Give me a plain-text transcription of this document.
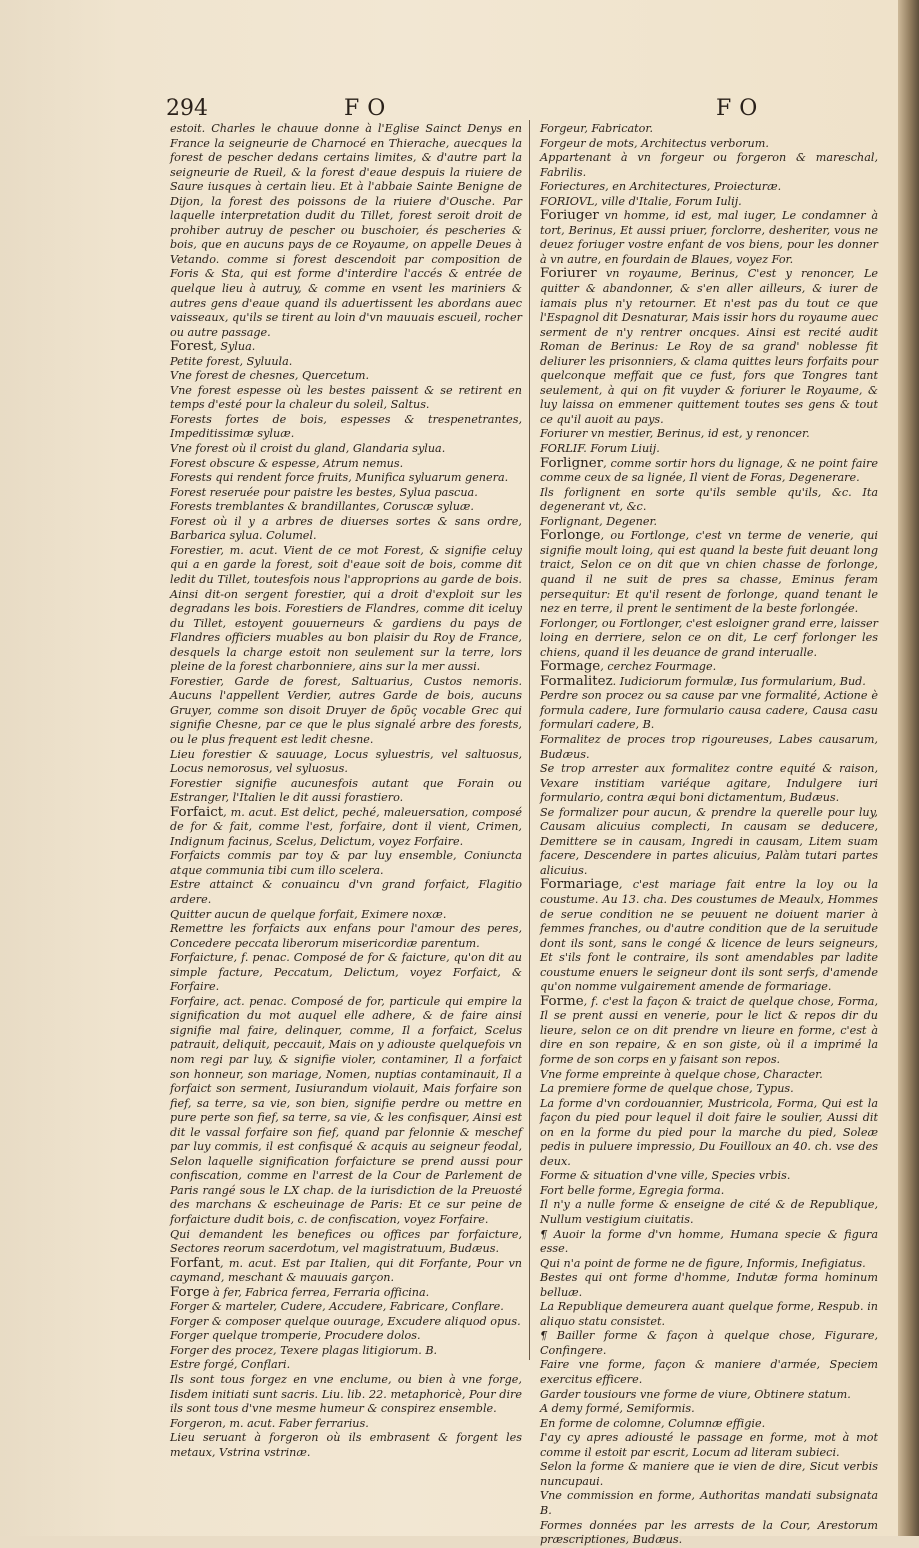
294	FO	FO

estoit. Charles le chauue donne à l'Eglise Sainct Denys en France la seigneurie de Charnocé en Thierache, auecques la forest de pescher dedans certains limites, & d'autre part la seigneurie de Rueil, & la forest d'eaue despuis la riuiere de Saure iusques à certain lieu. Et à l'abbaie Sainte Benigne de Dijon, la forest des poissons de la riuiere d'Ousche. Par laquelle interpretation dudit du Tillet, forest seroit droit de prohiber autruy de pescher ou buschoier, és pescheries & bois, que en aucuns pays de ce Royaume, on appelle Deues à Vetando. comme si forest descendoit par composition de Foris & Sta, qui est forme d'interdire l'accés & entrée de quelque lieu à autruy, & comme en vsent les mariniers & autres gens d'eaue quand ils aduertissent les abordans auec vaisseaux, qu'ils se tirent au loin d'vn mauuais escueil, rocher ou autre passage.

Forest, Sylua.

Petite forest, Syluula.

Vne forest de chesnes, Quercetum.

Vne forest espesse où les bestes paissent & se retirent en temps d'esté pour la chaleur du soleil, Saltus.

Forests fortes de bois, espesses & trespenetrantes, Impeditissimæ syluæ.

Vne forest où il croist du gland, Glandaria sylua.

Forest obscure & espesse, Atrum nemus.

Forests qui rendent force fruits, Munifica syluarum genera.

Forest reseruée pour paistre les bestes, Sylua pascua.

Forests tremblantes & brandillantes, Coruscæ syluæ.

Forest où il y a arbres de diuerses sortes & sans ordre, Barbarica sylua. Columel.

Forestier, m. acut. Vient de ce mot Forest, & signifie celuy qui a en garde la forest, soit d'eaue soit de bois, comme dit ledit du Tillet, toutesfois nous l'approprions au garde de bois. Ainsi dit-on sergent forestier, qui a droit d'exploit sur les degradans les bois. Forestiers de Flandres, comme dit iceluy du Tillet, estoyent gouuerneurs & gardiens du pays de Flandres officiers muables au bon plaisir du Roy de France, desquels la charge estoit non seulement sur la terre, lors pleine de la forest charbonniere, ains sur la mer aussi.

Forestier, Garde de forest, Saltuarius, Custos nemoris. Aucuns l'appellent Verdier, autres Garde de bois, aucuns Gruyer, comme son disoit Druyer de δρῦς vocable Grec qui signifie Chesne, par ce que le plus signalé arbre des forests, ou le plus frequent est ledit chesne.

Lieu forestier & sauuage, Locus syluestris, vel saltuosus, Locus nemorosus, vel syluosus.

Forestier signifie aucunesfois autant que Forain ou Estranger, l'Italien le dit aussi forastiero.

Forfaict, m. acut. Est delict, peché, maleuersation, composé de for & fait, comme l'est, forfaire, dont il vient, Crimen, Indignum facinus, Scelus, Delictum, voyez Forfaire.

Forfaicts commis par toy & par luy ensemble, Coniuncta atque communia tibi cum illo scelera.

Estre attainct & conuaincu d'vn grand forfaict, Flagitio ardere.

Quitter aucun de quelque forfait, Eximere noxæ.

Remettre les forfaicts aux enfans pour l'amour des peres, Concedere peccata liberorum misericordiæ parentum.

Forfaicture, f. penac. Composé de for & faicture, qu'on dit au simple facture, Peccatum, Delictum, voyez Forfaict, & Forfaire.

Forfaire, act. penac. Composé de for, particule qui empire la signification du mot auquel elle adhere, & de faire ainsi signifie mal faire, delinquer, comme, Il a forfaict, Scelus patrauit, deliquit, peccauit, Mais on y adiouste quelquefois vn nom regi par luy, & signifie violer, contaminer, Il a forfaict son honneur, son mariage, Nomen, nuptias contaminauit, Il a forfaict son serment, Iusiurandum violauit, Mais forfaire son fief, sa terre, sa vie, son bien, signifie perdre ou mettre en pure perte son fief, sa terre, sa vie, & les confisquer, Ainsi est dit le vassal forfaire son fief, quand par felonnie & meschef par luy commis, il est confisqué & acquis au seigneur feodal, Selon laquelle signification forfaicture se prend aussi pour confiscation, comme en l'arrest de la Cour de Parlement de Paris rangé sous le LX chap. de la iurisdiction de la Preuosté des marchans & escheuinage de Paris: Et ce sur peine de forfaicture dudit bois, c. de confiscation, voyez Forfaire.

Qui demandent les benefices ou offices par forfaicture, Sectores reorum sacerdotum, vel magistratuum, Budæus.

Forfant, m. acut. Est par Italien, qui dit Forfante, Pour vn caymand, meschant & mauuais garçon.

Forge à fer, Fabrica ferrea, Ferraria officina.

Forger & marteler, Cudere, Accudere, Fabricare, Conflare.

Forger & composer quelque ouurage, Excudere aliquod opus.

Forger quelque tromperie, Procudere dolos.

Forger des procez, Texere plagas litigiorum. B.

Estre forgé, Conflari.

Ils sont tous forgez en vne enclume, ou bien à vne forge, Iisdem initiati sunt sacris. Liu. lib. 22. metaphoricè, Pour dire ils sont tous d'vne mesme humeur & conspirez ensemble.

Forgeron, m. acut. Faber ferrarius.

Lieu seruant à forgeron où ils embrasent & forgent les metaux, Vstrina vstrinæ.

Forgeur, Fabricator.

Forgeur de mots, Architectus verborum.

Appartenant à vn forgeur ou forgeron & mareschal, Fabrilis.

Foriectures, en Architectures, Proiecturæ.

FORIOVL, ville d'Italie, Forum Iulij.

Foriuger vn homme, id est, mal iuger, Le condamner à tort, Berinus, Et aussi priuer, forclorre, desheriter, vous ne deuez foriuger vostre enfant de vos biens, pour les donner à vn autre, en fourdain de Blaues, voyez For.

Foriurer vn royaume, Berinus, C'est y renoncer, Le quitter & abandonner, & s'en aller ailleurs, & iurer de iamais plus n'y retourner. Et n'est pas du tout ce que l'Espagnol dit Desnaturar, Mais issir hors du royaume auec serment de n'y rentrer oncques. Ainsi est recité audit Roman de Berinus: Le Roy de sa grand' noblesse fit deliurer les prisonniers, & clama quittes leurs forfaits pour quelconque meffait que ce fust, fors que Tongres tant seulement, à qui on fit vuyder & foriurer le Royaume, & luy laissa on emmener quittement toutes ses gens & tout ce qu'il auoit au pays.

Foriurer vn mestier, Berinus, id est, y renoncer.

FORLIF. Forum Liuij.

Forligner, comme sortir hors du lignage, & ne point faire comme ceux de sa lignée, Il vient de Foras, Degenerare.

Ils forlignent en sorte qu'ils semble qu'ils, &c. Ita degenerant vt, &c.

Forlignant, Degener.

Forlonge, ou Fortlonge, c'est vn terme de venerie, qui signifie moult loing, qui est quand la beste fuit deuant long traict, Selon ce on dit que vn chien chasse de forlonge, quand il ne suit de pres sa chasse, Eminus feram persequitur: Et qu'il resent de forlonge, quand tenant le nez en terre, il prent le sentiment de la beste forlongée.

Forlonger, ou Fortlonger, c'est esloigner grand erre, laisser loing en derriere, selon ce on dit, Le cerf forlonger les chiens, quand il les deuance de grand interualle.

Formage, cerchez Fourmage.

Formalitez. Iudiciorum formulæ, Ius formularium, Bud.

Perdre son procez ou sa cause par vne formalité, Actione è formula cadere, Iure formulario causa cadere, Causa casu formulari cadere, B.

Formalitez de proces trop rigoureuses, Labes causarum, Budæus.

Se trop arrester aux formalitez contre equité & raison, Vexare institiam variéque agitare, Indulgere iuri formulario, contra æqui boni dictamentum, Budæus.

Se formalizer pour aucun, & prendre la querelle pour luy, Causam alicuius complecti, In causam se deducere, Demittere se in causam, Ingredi in causam, Litem suam facere, Descendere in partes alicuius, Palàm tutari partes alicuius.

Formariage, c'est mariage fait entre la loy ou la coustume. Au 13. cha. Des coustumes de Meaulx, Hommes de serue condition ne se peuuent ne doiuent marier à femmes franches, ou d'autre condition que de la seruitude dont ils sont, sans le congé & licence de leurs seigneurs, Et s'ils font le contraire, ils sont amendables par ladite coustume enuers le seigneur dont ils sont serfs, d'amende qu'on nomme vulgairement amende de formariage.

Forme, f. c'est la façon & traict de quelque chose, Forma, Il se prent aussi en venerie, pour le lict & repos dir du lieure, selon ce on dit prendre vn lieure en forme, c'est à dire en son repaire, & en son giste, où il a imprimé la forme de son corps en y faisant son repos.

Vne forme empreinte à quelque chose, Character.

La premiere forme de quelque chose, Typus.

La forme d'vn cordouannier, Mustricola, Forma, Qui est la façon du pied pour lequel il doit faire le soulier, Aussi dit on en la forme du pied pour la marche du pied, Soleæ pedis in puluere impressio, Du Fouilloux an 40. ch. vse des deux.

Forme & situation d'vne ville, Species vrbis.

Fort belle forme, Egregia forma.

Il n'y a nulle forme & enseigne de cité & de Republique, Nullum vestigium ciuitatis.

¶ Auoir la forme d'vn homme, Humana specie & figura esse.

Qui n'a point de forme ne de figure, Informis, Inefigiatus.

Bestes qui ont forme d'homme, Indutæ forma hominum belluæ.

La Republique demeurera auant quelque forme, Respub. in aliquo statu consistet.

¶ Bailler forme & façon à quelque chose, Figurare, Confingere.

Faire vne forme, façon & maniere d'armée, Speciem exercitus efficere.

Garder tousiours vne forme de viure, Obtinere statum.

A demy formé, Semiformis.

En forme de colomne, Columnæ effigie.

I'ay cy apres adiousté le passage en forme, mot à mot comme il estoit par escrit, Locum ad literam subieci.

Selon la forme & maniere que ie vien de dire, Sicut verbis nuncupaui.

Vne commission en forme, Authoritas mandati subsignata B.

Formes données par les arrests de la Cour, Arestorum præscriptiones, Budæus.
